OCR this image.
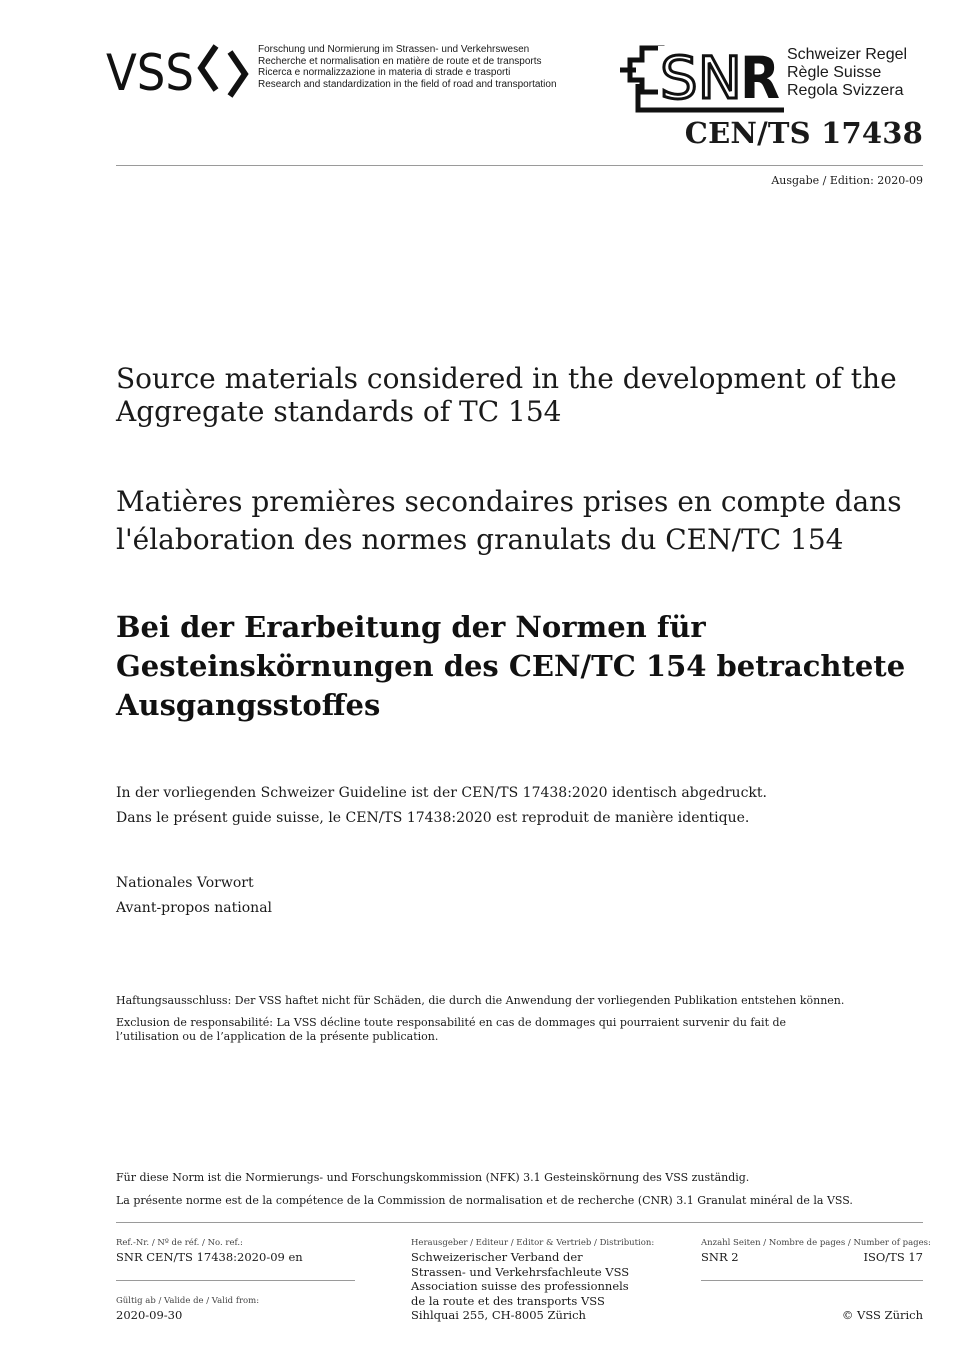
VSS	Forschung und Normierung im Strassen- und Verkehrswesen
Recherche et normalisation en matière de route et de transports
Ricerca e normalizzazione in materia di strade e trasporti
Research and standardization in the field of road and transportation SN
R Schweizer Regel
Règle Suisse
Regola Svizzera
CEN/TS 17438
Ausgabe / Edition: 2020-09
Source materials considered in the development of the Aggregate standards of TC 154
Matières premières secondaires prises en compte dans l'élaboration des normes granulats du CEN/TC 154
Bei der Erarbeitung der Normen für Gesteinskörnungen des CEN/TC 154 betrachtete Ausgangsstoffes
In der vorliegenden Schweizer Guideline ist der CEN/TS 17438:2020 identisch abgedruckt.
Dans le présent guide suisse, le CEN/TS 17438:2020 est reproduit de manière identique.
Nationales Vorwort
Avant-propos national
Haftungsausschluss: Der VSS haftet nicht für Schäden, die durch die Anwendung der vorliegenden Publikation entstehen können.
Exclusion de responsabilité: La VSS décline toute responsabilité en cas de dommages qui pourraient survenir du fait de l’utilisation ou de l’application de la présente publication.
Für diese Norm ist die Normierungs- und Forschungskommission (NFK) 3.1 Gesteinskörnung des VSS zuständig.
La présente norme est de la compétence de la Commission de normalisation et de recherche (CNR) 3.1 Granulat minéral de la VSS.
Ref.-Nr. / Nº de réf. / No. ref.:
SNR CEN/TS 17438:2020-09 en
Gültig ab / Valide de / Valid from:
2020-09-30
Herausgeber / Editeur / Editor & Vertrieb / Distribution:
Schweizerischer Verband der
Strassen- und Verkehrsfachleute VSS
Association suisse des professionnels
de la route et des transports VSS
Sihlquai 255, CH-8005 Zürich
Anzahl Seiten / Nombre de pages / Number of pages:
SNR 2	ISO/TS 17
© VSS Zürich
